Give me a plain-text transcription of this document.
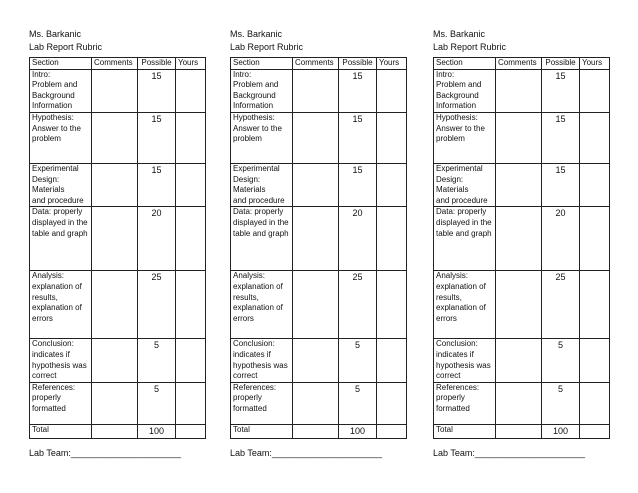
Ms. Barkanic
Lab Report Rubric
Section	Comments	Possible	Yours
Intro:
Problem and
Background
Information		15	
Hypothesis:
Answer to the
problem		15	
Experimental
Design: Materials
and procedure		15	
Data: properly
displayed in the
table and graph		20	
Analysis:
explanation of
results,
explanation of
errors		25	
Conclusion:
indicates if
hypothesis was
correct		5	
References:
properly
formatted		5	
Total		100	
Lab Team:______________________
Ms. Barkanic
Lab Report Rubric
Section	Comments	Possible	Yours
Intro:
Problem and
Background
Information		15	
Hypothesis:
Answer to the
problem		15	
Experimental
Design: Materials
and procedure		15	
Data: properly
displayed in the
table and graph		20	
Analysis:
explanation of
results,
explanation of
errors		25	
Conclusion:
indicates if
hypothesis was
correct		5	
References:
properly
formatted		5	
Total		100	
Lab Team:______________________
Ms. Barkanic
Lab Report Rubric
Section	Comments	Possible	Yours
Intro:
Problem and
Background
Information		15	
Hypothesis:
Answer to the
problem		15	
Experimental
Design: Materials
and procedure		15	
Data: properly
displayed in the
table and graph		20	
Analysis:
explanation of
results,
explanation of
errors		25	
Conclusion:
indicates if
hypothesis was
correct		5	
References:
properly
formatted		5	
Total		100	
Lab Team:______________________
